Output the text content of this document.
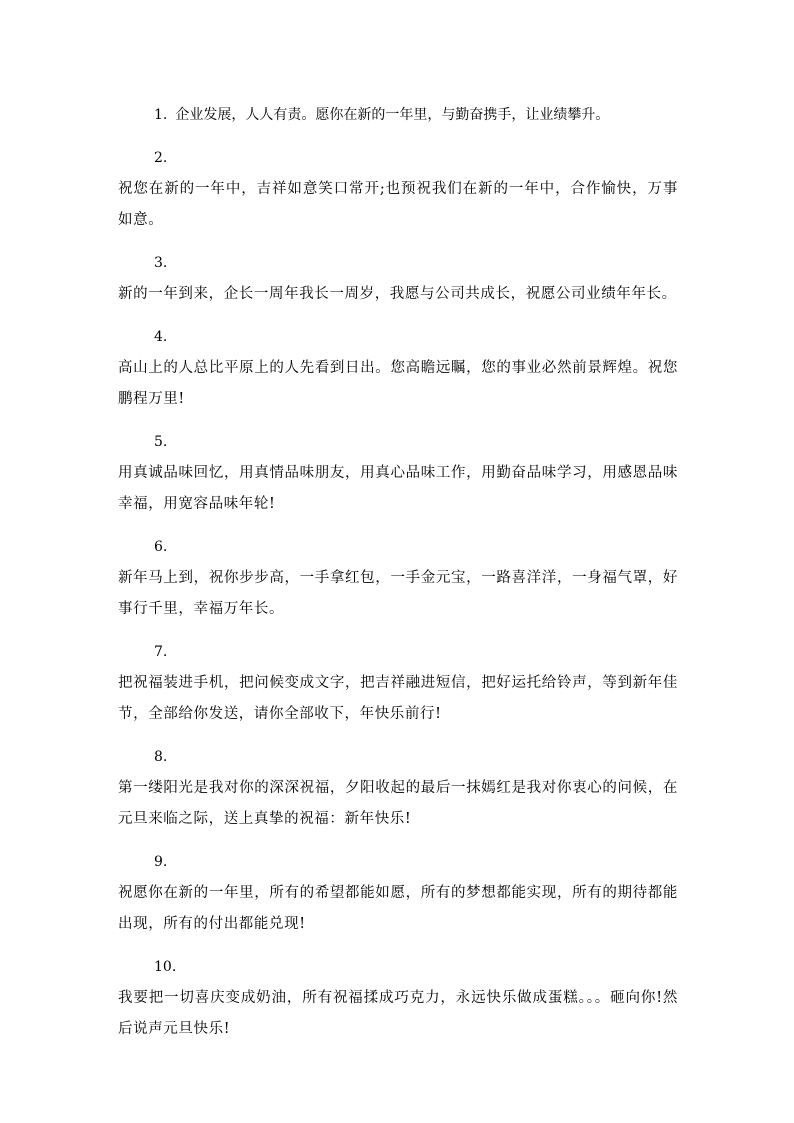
1. 企业发展，人人有责。愿你在新的一年里，与勤奋携手，让业绩攀升。
2.
祝您在新的一年中，吉祥如意笑口常开;也预祝我们在新的一年中，合作愉快，万事如意。
3.
新的一年到来，企长一周年我长一周岁，我愿与公司共成长，祝愿公司业绩年年长。
4.
高山上的人总比平原上的人先看到日出。您高瞻远瞩，您的事业必然前景辉煌。祝您鹏程万里!
5.
用真诚品味回忆，用真情品味朋友，用真心品味工作，用勤奋品味学习，用感恩品味幸福，用宽容品味年轮!
6.
新年马上到，祝你步步高，一手拿红包，一手金元宝，一路喜洋洋，一身福气罩，好事行千里，幸福万年长。
7.
把祝福装进手机，把问候变成文字，把吉祥融进短信，把好运托给铃声，等到新年佳节，全部给你发送，请你全部收下，年快乐前行!
8.
第一缕阳光是我对你的深深祝福，夕阳收起的最后一抹嫣红是我对你衷心的问候，在元旦来临之际，送上真挚的祝福：新年快乐!
9.
祝愿你在新的一年里，所有的希望都能如愿，所有的梦想都能实现，所有的期待都能出现，所有的付出都能兑现!
10.
我要把一切喜庆变成奶油，所有祝福揉成巧克力，永远快乐做成蛋糕。。。砸向你!然后说声元旦快乐!
